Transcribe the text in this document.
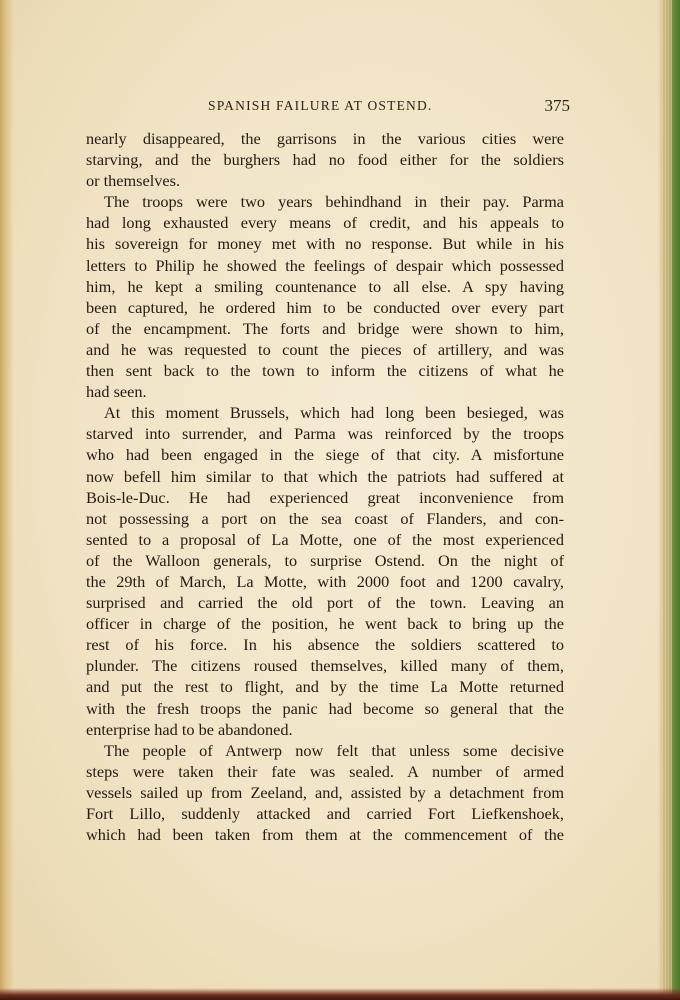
SPANISH FAILURE AT OSTEND.	375
nearly disappeared, the garrisons in the various cities were
starving, and the burghers had no food either for the soldiers
or themselves.
The troops were two years behindhand in their pay. Parma
had long exhausted every means of credit, and his appeals to
his sovereign for money met with no response. But while in his
letters to Philip he showed the feelings of despair which possessed
him, he kept a smiling countenance to all else. A spy having
been captured, he ordered him to be conducted over every part
of the encampment. The forts and bridge were shown to him,
and he was requested to count the pieces of artillery, and was
then sent back to the town to inform the citizens of what he
had seen.
At this moment Brussels, which had long been besieged, was
starved into surrender, and Parma was reinforced by the troops
who had been engaged in the siege of that city. A misfortune
now befell him similar to that which the patriots had suffered at
Bois-le-Duc. He had experienced great inconvenience from
not possessing a port on the sea coast of Flanders, and con-
sented to a proposal of La Motte, one of the most experienced
of the Walloon generals, to surprise Ostend. On the night of
the 29th of March, La Motte, with 2000 foot and 1200 cavalry,
surprised and carried the old port of the town. Leaving an
officer in charge of the position, he went back to bring up the
rest of his force. In his absence the soldiers scattered to
plunder. The citizens roused themselves, killed many of them,
and put the rest to flight, and by the time La Motte returned
with the fresh troops the panic had become so general that the
enterprise had to be abandoned.
The people of Antwerp now felt that unless some decisive
steps were taken their fate was sealed. A number of armed
vessels sailed up from Zeeland, and, assisted by a detachment from
Fort Lillo, suddenly attacked and carried Fort Liefkenshoek,
which had been taken from them at the commencement of the
